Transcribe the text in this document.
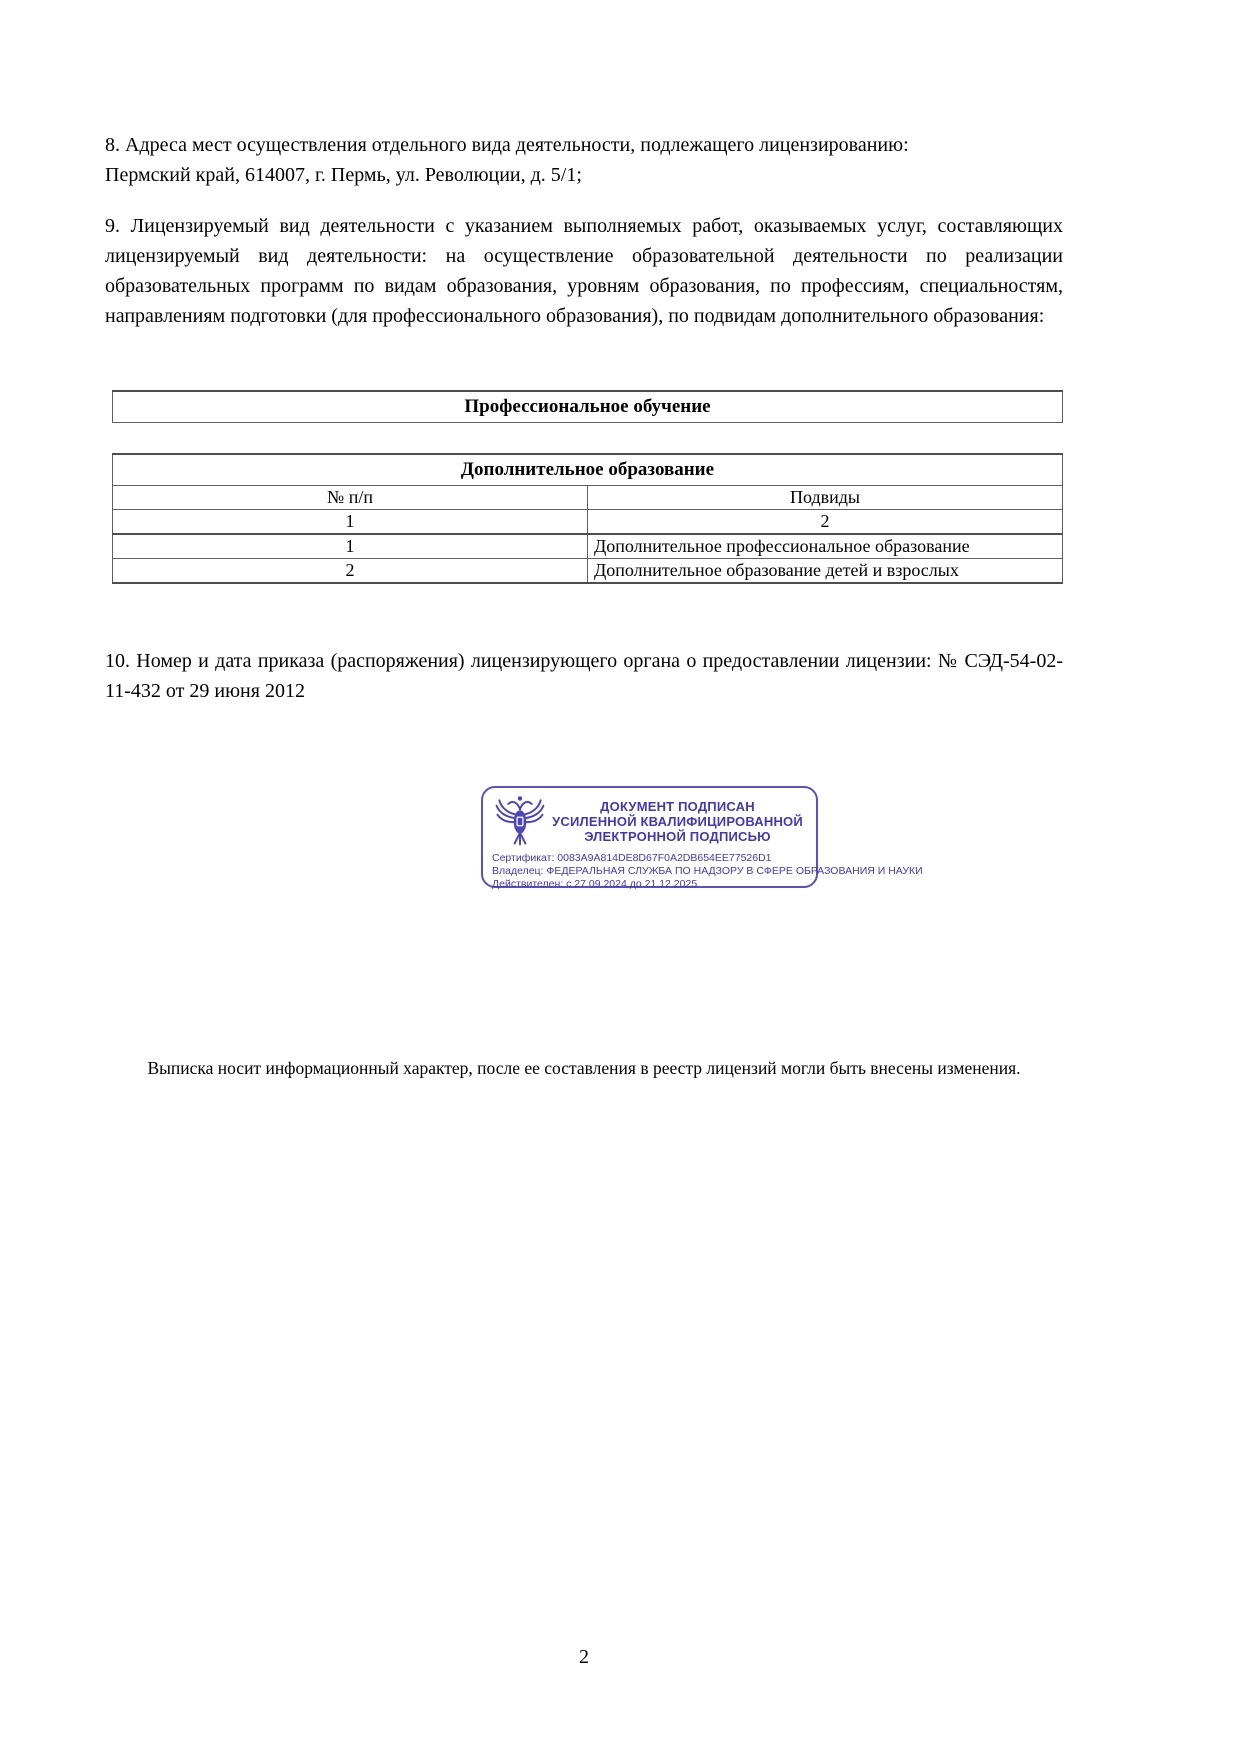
8. Адреса мест осуществления отдельного вида деятельности, подлежащего лицензированию:
Пермский край, 614007, г. Пермь, ул. Революции, д. 5/1;
9. Лицензируемый вид деятельности с указанием выполняемых работ, оказываемых услуг, составляющих лицензируемый вид деятельности: на осуществление образовательной деятельности по реализации образовательных программ по видам образования, уровням образования, по профессиям, специальностям, направлениям подготовки (для профессионального образования), по подвидам дополнительного образования:
Профессиональное обучение
Дополнительное образование	
№ п/п	Подвиды
1	2
1	Дополнительное профессиональное образование
2	Дополнительное образование детей и взрослых
10. Номер и дата приказа (распоряжения) лицензирующего органа о предоставлении лицензии: № СЭД-54-02-11-432 от 29 июня 2012
ДОКУМЕНТ ПОДПИСАН
УСИЛЕННОЙ КВАЛИФИЦИРОВАННОЙ
ЭЛЕКТРОННОЙ ПОДПИСЬЮ
Сертификат: 0083A9A814DE8D67F0A2DB654EE77526D1
Владелец: ФЕДЕРАЛЬНАЯ СЛУЖБА ПО НАДЗОРУ В СФЕРЕ ОБРАЗОВАНИЯ И НАУКИ
Действителен: с 27.09.2024 до 21.12.2025
Выписка носит информационный характер, после ее составления в реестр лицензий могли быть внесены изменения.
2
